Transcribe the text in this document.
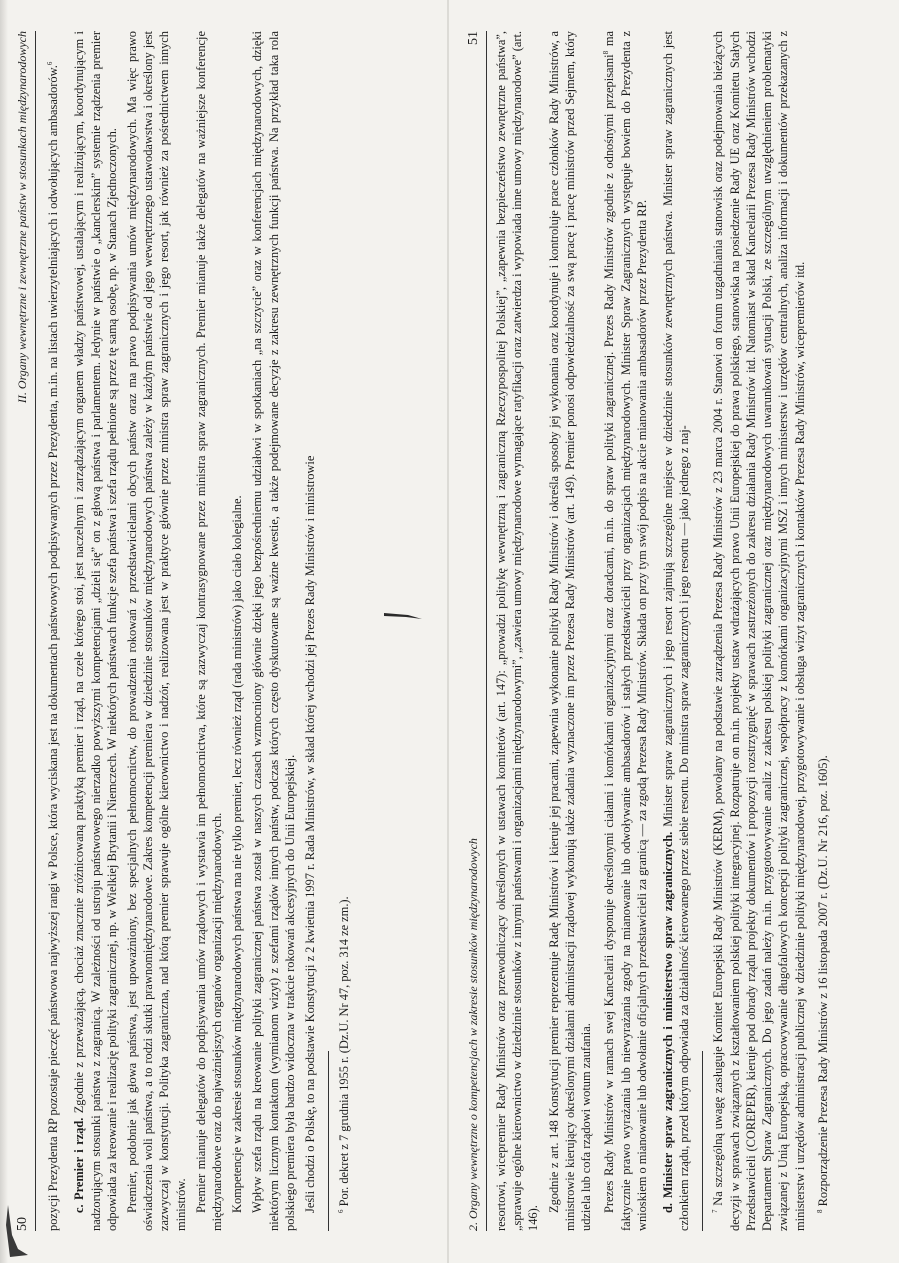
50
II. Organy wewnętrzne i zewnętrzne państw w stosunkach międzynarodowych	pozycji Prezydenta RP pozostaje pieczęć państwowa najwyższej rangi w Polsce, która wyciskana jest na dokumentach państwowych podpisywanych przez Prezydenta, m.in. na listach uwierzytelniających i odwołujących ambasadorów.$^6$

c. Premier i rząd. Zgodnie z przeważającą, chociaż znacznie zróżnicowaną praktyką premier i rząd, na czele którego stoi, jest naczelnym i zarządzającym organem władzy państwowej, ustalającym i realizującym, koordynującym i nadzorującym stosunki państwa z zagranicą. W zależności od ustroju państwowego nierzadko powyższymi kompetencjami „dzieli się” on z głową państwa i parlamentem. Jedynie w państwie o „kanclerskim” systemie rządzenia premier odpowiada za kreowanie i realizację polityki zagranicznej, np. w Wielkiej Brytanii i Niemczech. W niektórych państwach funkcje szefa państwa i szefa rządu pełnione są przez tę samą osobę, np. w Stanach Zjednoczonych. Premier, podobnie jak głowa państwa, jest upoważniony, bez specjalnych pełnomocnictw, do prowadzenia rokowań z przedstawicielami obcych państw oraz ma prawo podpisywania umów międzynarodowych. Ma więc prawo oświadczenia woli państwa, a to rodzi skutki prawnomiędzynarodowe. Zakres kompetencji premiera w dziedzinie stosunków międzynarodowych państwa zależy w każdym państwie od jego wewnętrznego ustawodawstwa i określony jest zazwyczaj w konstytucji. Polityka zagraniczna, nad którą premier sprawuje ogólne kierownictwo i nadzór, realizowana jest w praktyce głównie przez ministra spraw zagranicznych i jego resort, jak również za pośrednictwem innych ministrów. Premier mianuje delegatów do podpisywania umów rządowych i wystawia im pełnomocnictwa, które są zazwyczaj kontrasygnowane przez ministra spraw zagranicznych. Premier mianuje także delegatów na ważniejsze konferencje międzynarodowe oraz do najważniejszych organów organizacji międzynarodowych. Kompetencje w zakresie stosunków międzynarodowych państwa ma nie tylko premier, lecz również rząd (rada ministrów) jako ciało kolegialne. Wpływ szefa rządu na kreowanie polityki zagranicznej państwa został w naszych czasach wzmocniony głównie dzięki jego bezpośredniemu udziałowi w spotkaniach „na szczycie” oraz w konferencjach międzynarodowych, dzięki niektórym licznym kontaktom (wymianom wizyt) z szefami rządów innych państw, podczas których często dyskutowane są ważne kwestie, a także podejmowane decyzje z zakresu zewnętrznych funkcji państwa. Na przykład taka rola polskiego premiera była bardzo widoczna w trakcie rokowań akcesyjnych do Unii Europejskiej. Jeśli chodzi o Polskę, to na podstawie Konstytucji z 2 kwietnia 1997 r. Rada Ministrów, w skład której wchodzi jej Prezes Rady Ministrów i ministrowie	$^6$ Por. dekret z 7 grudnia 1955 r. (Dz.U. Nr 47, poz. 314 ze zm.).	2. Organy wewnętrzne o kompetencjach w zakresie stosunków międzynarodowych
51 resortowi, wicepremier Rady Ministrów oraz przewodniczący określonych w ustawach komitetów (art. 147): „prowadzi politykę wewnętrzną i zagraniczną Rzeczypospolitej Polskiej”, „zapewnia bezpieczeństwo zewnętrzne państwa”, „sprawuje ogólne kierownictwo w dziedzinie stosunków z innymi państwami i organizacjami międzynarodowymi”, „zawiera umowy międzynarodowe wymagające ratyfikacji oraz zatwierdza i wypowiada inne umowy międzynarodowe” (art. 146).

Zgodnie z art. 148 Konstytucji premier reprezentuje Radę Ministrów i kieruje jej pracami, zapewnia wykonanie polityki Rady Ministrów i określa sposoby jej wykonania oraz koordynuje i kontroluje prace członków Rady Ministrów, a ministrowie kierujący określonymi działami administracji rządowej wykonują także zadania wyznaczone im przez Prezesa Rady Ministrów (art. 149). Premier ponosi odpowiedzialność za swą pracę i pracę ministrów przed Sejmem, który udziela lub cofa rządowi wotum zaufania. Prezes Rady Ministrów w ramach swej Kancelarii dysponuje określonymi ciałami i komórkami organizacyjnymi oraz doradcami, m.in. do spraw polityki zagranicznej. Prezes Rady Ministrów zgodnie z odnośnymi przepisami$^8$ ma faktycznie prawo wyrażania lub niewyrażania zgody na mianowanie lub odwoływanie ambasadorów i stałych przedstawicieli przy organizacjach międzynarodowych. Minister Spraw Zagranicznych występuje bowiem do Prezydenta z wnioskiem o mianowanie lub odwołanie oficjalnych przedstawicieli za granicą — za zgodą Prezesa Rady Ministrów. Składa on przy tym swój podpis na akcie mianowania ambasadorów przez Prezydenta RP. d. Minister spraw zagranicznych i ministerstwo spraw zagranicznych. Minister spraw zagranicznych i jego resort zajmują szczególne miejsce w dziedzinie stosunków zewnętrznych państwa. Minister spraw zagranicznych jest członkiem rządu, przed którym odpowiada za działalność kierowanego przez siebie resortu. Do ministra spraw zagranicznych i jego resortu — jako jednego z naj-	$^7$ Na szczególną uwagę zasługuje Komitet Europejski Rady Ministrów (KERM), powołany na podstawie zarządzenia Prezesa Rady Ministrów z 23 marca 2004 r. Stanowi on forum uzgadniania stanowisk oraz podejmowania bieżących decyzji w sprawach związanych z kształtowaniem polskiej polityki integracyjnej. Rozpatruje on m.in. projekty ustaw wdrażających prawo Unii Europejskiej do prawa polskiego, stanowiska na posiedzenie Rady UE oraz Komitetu Stałych Przedstawicieli (COREPER), kieruje pod obrady rządu projekty dokumentów i propozycji rozstrzygnięć w sprawach zastrzeżonych do zakresu działania Rady Ministrów itd. Natomiast w skład Kancelarii Prezesa Rady Ministrów wchodzi Departament Spraw Zagranicznych. Do jego zadań należy m.in. przygotowywanie analiz z zakresu polskiej polityki zagranicznej oraz międzynarodowych uwarunkowań sytuacji Polski, ze szczególnym uwzględnieniem problematyki związanej z Unią Europejską, opracowywanie długofalowych koncepcji polityki zagranicznej, współpracy z komórkami organizacyjnymi MSZ i innych ministerstw i urzędów centralnych, analiza informacji i dokumentów przekazanych z ministerstw i urzędów administracji publicznej w dziedzinie polityki międzynarodowej, przygotowywanie i obsługa wizyt zagranicznych i kontaktów Prezesa Rady Ministrów, wicepremierów itd.	$^8$ Rozporządzenie Prezesa Rady Ministrów z 16 listopada 2007 r. (Dz.U. Nr 216, poz. 1605).
